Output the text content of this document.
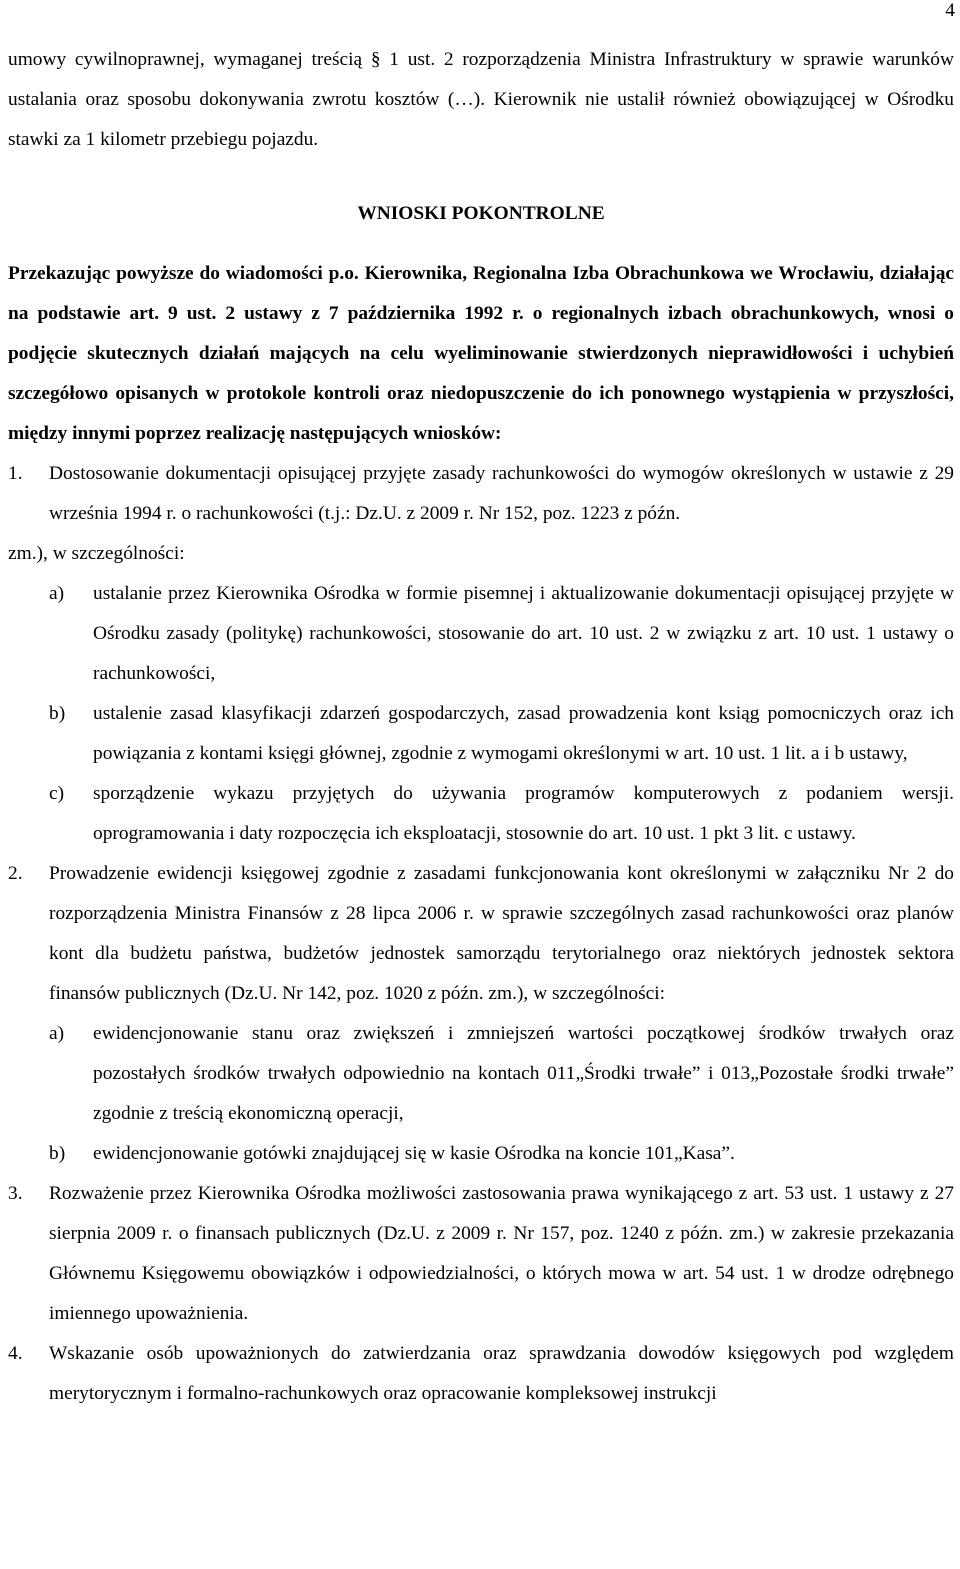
4

umowy cywilnoprawnej, wymaganej treścią § 1 ust. 2 rozporządzenia Ministra Infrastruktury w sprawie warunków ustalania oraz sposobu dokonywania zwrotu kosztów (…). Kierownik nie ustalił również obowiązującej w Ośrodku stawki za 1 kilometr przebiegu pojazdu.

WNIOSKI POKONTROLNE

Przekazując powyższe do wiadomości p.o. Kierownika, Regionalna Izba Obrachunkowa we Wrocławiu, działając na podstawie art. 9 ust. 2 ustawy z 7 października 1992 r. o regionalnych izbach obrachunkowych, wnosi o podjęcie skutecznych działań mających na celu wyeliminowanie stwierdzonych nieprawidłowości i uchybień szczegółowo opisanych w protokole kontroli oraz niedopuszczenie do ich ponownego wystąpienia w przyszłości, między innymi poprzez realizację następujących wniosków:

1. Dostosowanie dokumentacji opisującej przyjęte zasady rachunkowości do wymogów określonych w ustawie z 29 września 1994 r. o rachunkowości (t.j.: Dz.U. z 2009 r. Nr 152, poz. 1223 z późn.
zm.), w szczególności:
a) ustalanie przez Kierownika Ośrodka w formie pisemnej i aktualizowanie dokumentacji opisującej przyjęte w Ośrodku zasady (politykę) rachunkowości, stosowanie do art. 10 ust. 2 w związku z art. 10 ust. 1 ustawy o rachunkowości,
b) ustalenie zasad klasyfikacji zdarzeń gospodarczych, zasad prowadzenia kont ksiąg pomocniczych oraz ich powiązania z kontami księgi głównej, zgodnie z wymogami określonymi w art. 10 ust. 1 lit. a i b ustawy,
c) sporządzenie wykazu przyjętych do używania programów komputerowych z podaniem wersji. oprogramowania i daty rozpoczęcia ich eksploatacji, stosownie do art. 10 ust. 1 pkt 3 lit. c ustawy.
2. Prowadzenie ewidencji księgowej zgodnie z zasadami funkcjonowania kont określonymi w załączniku Nr 2 do rozporządzenia Ministra Finansów z 28 lipca 2006 r. w sprawie szczególnych zasad rachunkowości oraz planów kont dla budżetu państwa, budżetów jednostek samorządu terytorialnego oraz niektórych jednostek sektora finansów publicznych (Dz.U. Nr 142, poz. 1020 z późn. zm.), w szczególności:
a) ewidencjonowanie stanu oraz zwiększeń i zmniejszeń wartości początkowej środków trwałych oraz pozostałych środków trwałych odpowiednio na kontach 011„Środki trwałe” i 013„Pozostałe środki trwałe” zgodnie z treścią ekonomiczną operacji,
b) ewidencjonowanie gotówki znajdującej się w kasie Ośrodka na koncie 101„Kasa”.
3. Rozważenie przez Kierownika Ośrodka możliwości zastosowania prawa wynikającego z art. 53 ust. 1 ustawy z 27 sierpnia 2009 r. o finansach publicznych (Dz.U. z 2009 r. Nr 157, poz. 1240 z późn. zm.) w zakresie przekazania Głównemu Księgowemu obowiązków i odpowiedzialności, o których mowa w art. 54 ust. 1 w drodze odrębnego imiennego upoważnienia.
4. Wskazanie osób upoważnionych do zatwierdzania oraz sprawdzania dowodów księgowych pod względem merytorycznym i formalno-rachunkowych oraz opracowanie kompleksowej instrukcji
